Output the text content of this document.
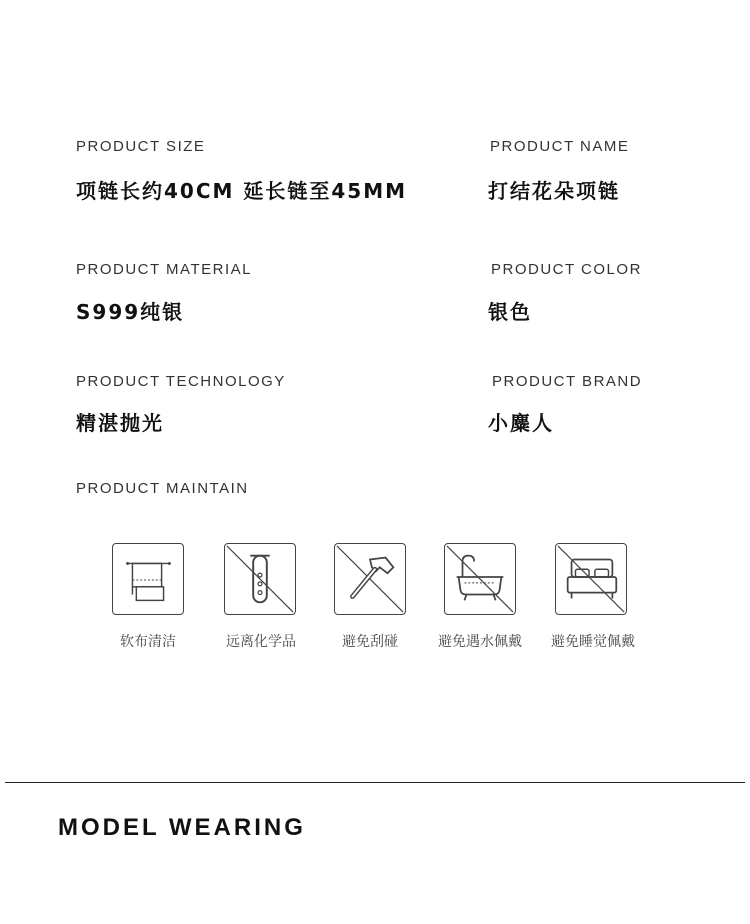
PRODUCT SIZE
项链长约40CM 延长链至45MM
PRODUCT NAME
打结花朵项链
PRODUCT MATERIAL
S999纯银
PRODUCT COLOR
银色
PRODUCT TECHNOLOGY
精湛抛光
PRODUCT BRAND
小麋人
PRODUCT MAINTAIN
软布清洁	远离化学品	避免刮碰	避免遇水佩戴	避免睡觉佩戴
MODEL WEARING
